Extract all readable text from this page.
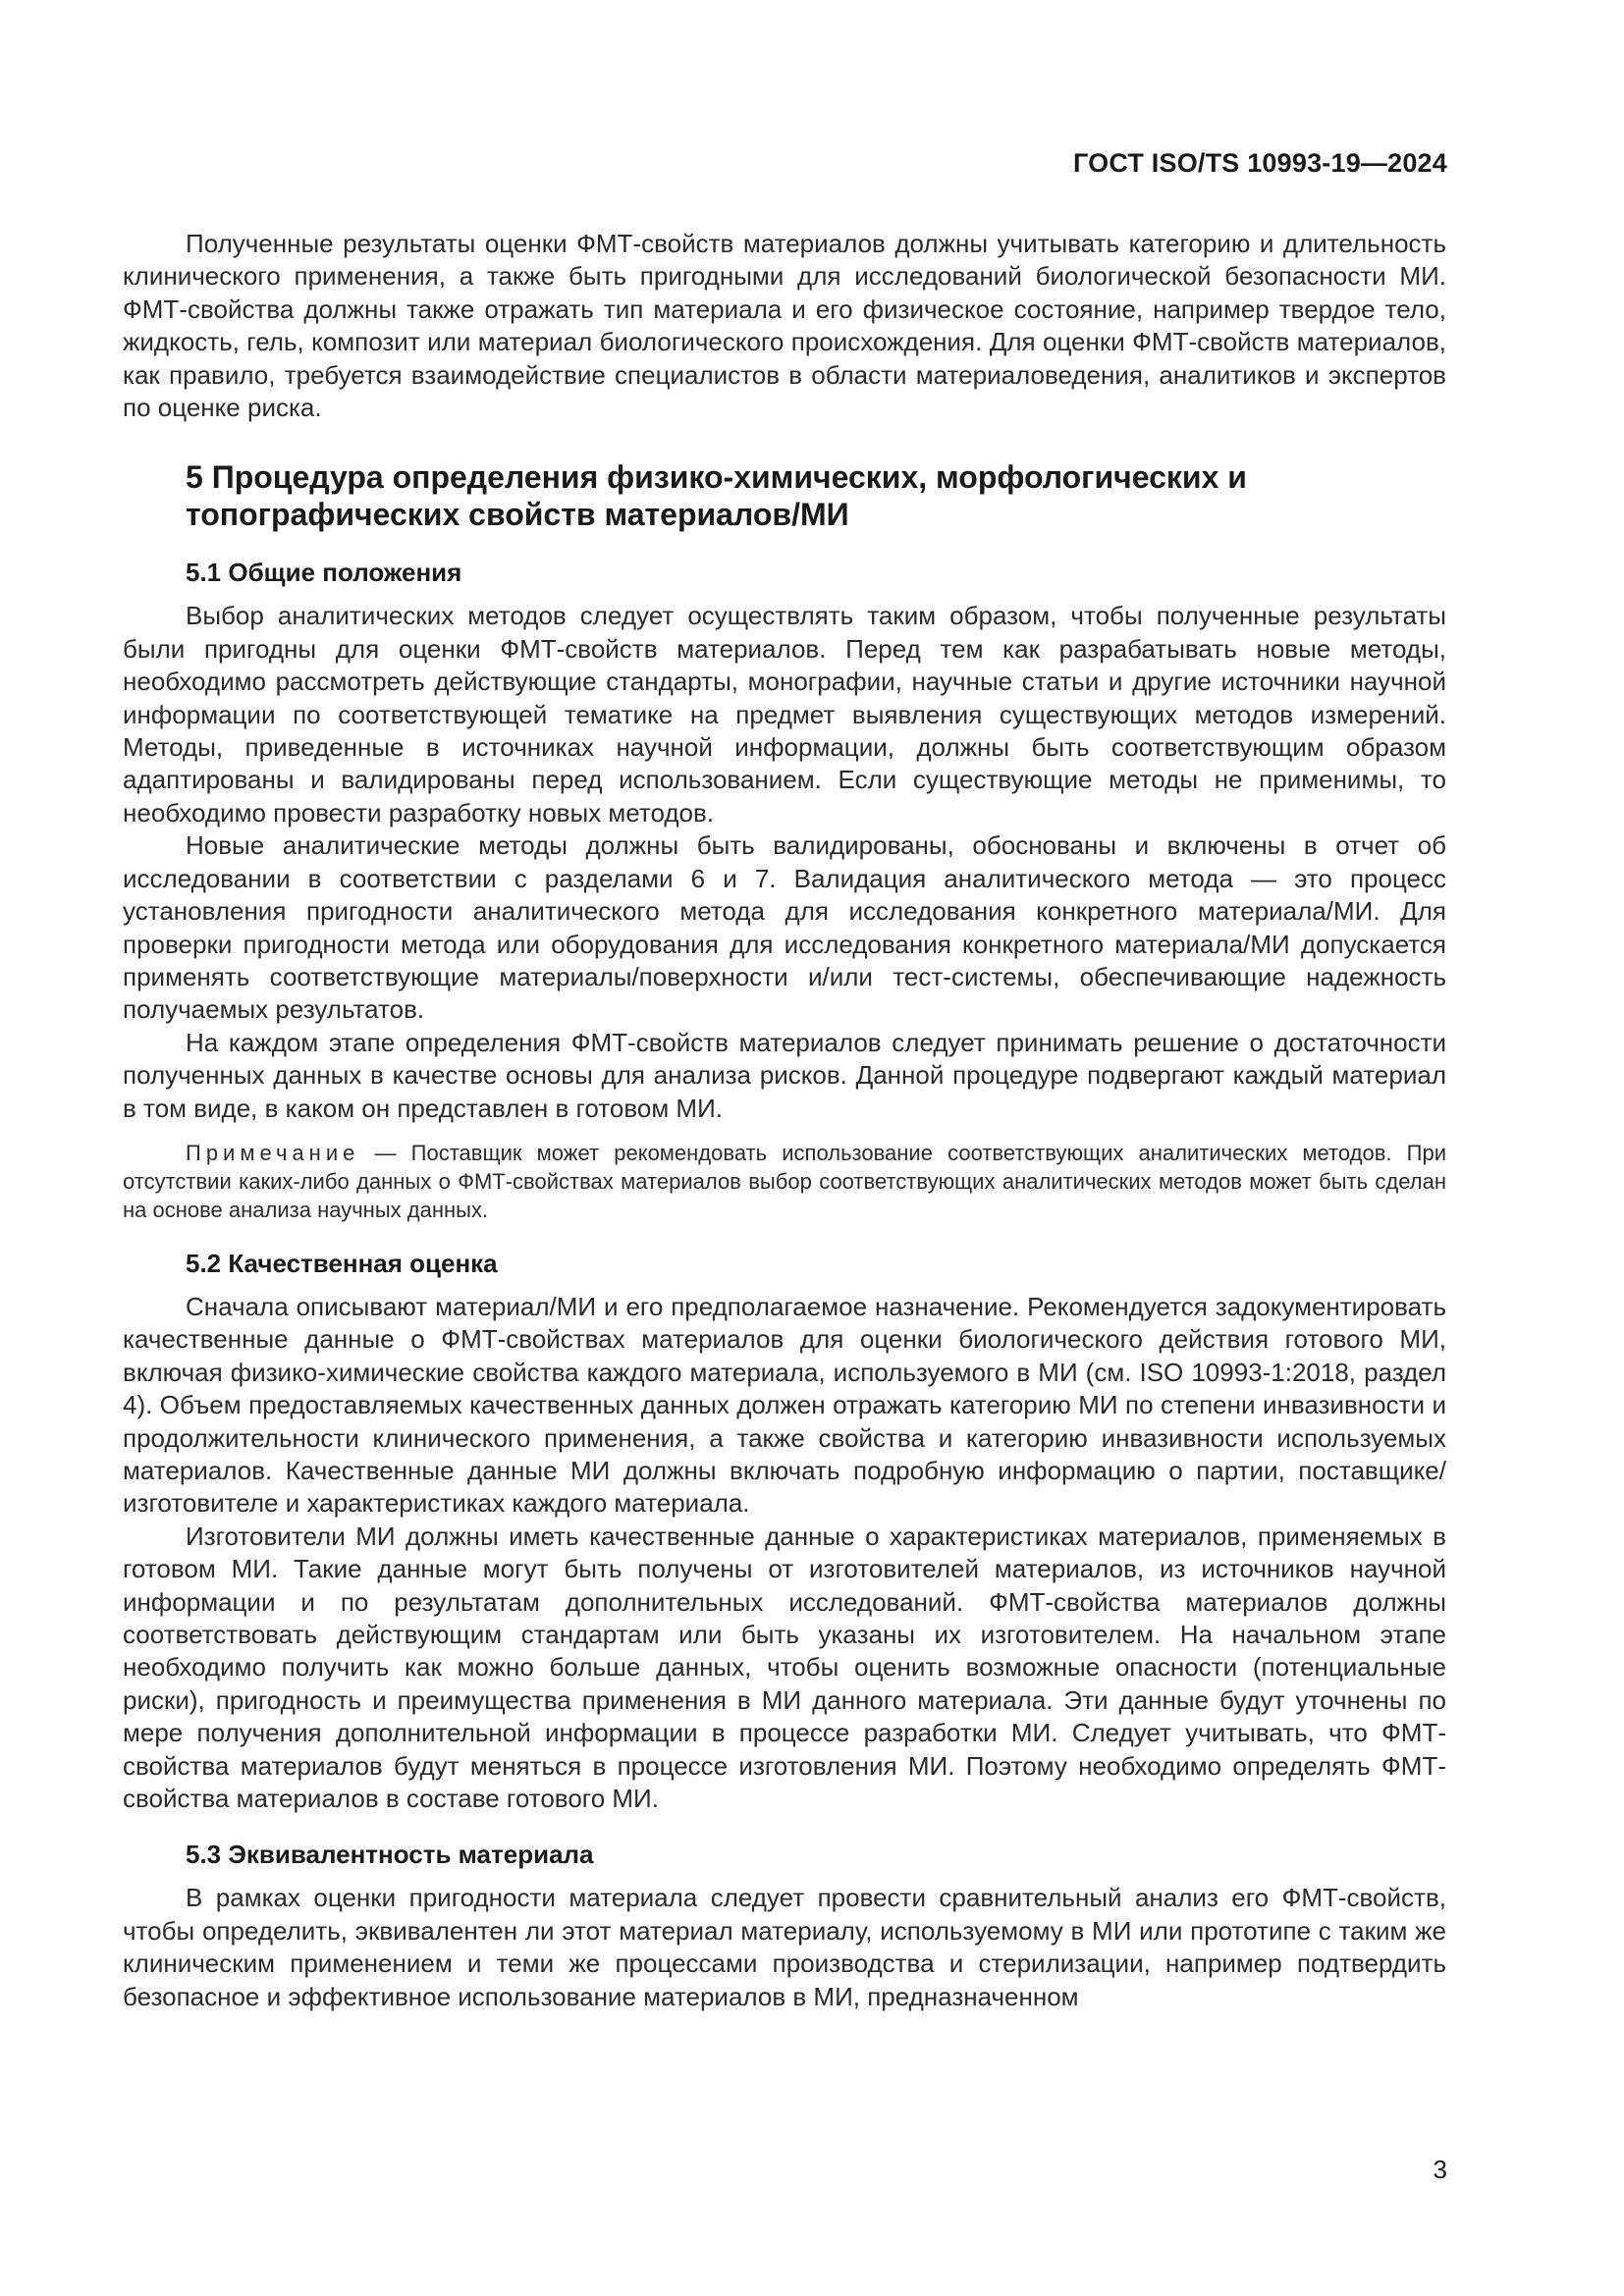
ГОСТ ISO/TS 10993-19—2024

Полученные результаты оценки ФМТ-свойств материалов должны учитывать категорию и длительность клинического применения, а также быть пригодными для исследований биологической безопасности МИ. ФМТ-свойства должны также отражать тип материала и его физическое состояние, например твердое тело, жидкость, гель, композит или материал биологического происхождения. Для оценки ФМТ-свойств материалов, как правило, требуется взаимодействие специалистов в области материаловедения, аналитиков и экспертов по оценке риска.

5 Процедура определения физико-химических, морфологических и топографических свойств материалов/МИ
5.1 Общие положения

Выбор аналитических методов следует осуществлять таким образом, чтобы полученные результаты были пригодны для оценки ФМТ-свойств материалов. Перед тем как разрабатывать новые методы, необходимо рассмотреть действующие стандарты, монографии, научные статьи и другие источники научной информации по соответствующей тематике на предмет выявления существующих методов измерений. Методы, приведенные в источниках научной информации, должны быть соответствующим образом адаптированы и валидированы перед использованием. Если существующие методы не применимы, то необходимо провести разработку новых методов.

Новые аналитические методы должны быть валидированы, обоснованы и включены в отчет об исследовании в соответствии с разделами 6 и 7. Валидация аналитического метода — это процесс установления пригодности аналитического метода для исследования конкретного материала/МИ. Для проверки пригодности метода или оборудования для исследования конкретного материала/МИ допускается применять соответствующие материалы/поверхности и/или тест-системы, обеспечивающие надежность получаемых результатов.

На каждом этапе определения ФМТ-свойств материалов следует принимать решение о достаточности полученных данных в качестве основы для анализа рисков. Данной процедуре подвергают каждый материал в том виде, в каком он представлен в готовом МИ.

Примечание — Поставщик может рекомендовать использование соответствующих аналитических методов. При отсутствии каких-либо данных о ФМТ-свойствах материалов выбор соответствующих аналитических методов может быть сделан на основе анализа научных данных.

5.2 Качественная оценка

Сначала описывают материал/МИ и его предполагаемое назначение. Рекомендуется задокументировать качественные данные о ФМТ-свойствах материалов для оценки биологического действия готового МИ, включая физико-химические свойства каждого материала, используемого в МИ (см. ISO 10993-1:2018, раздел 4). Объем предоставляемых качественных данных должен отражать категорию МИ по степени инвазивности и продолжительности клинического применения, а также свойства и категорию инвазивности используемых материалов. Качественные данные МИ должны включать подробную информацию о партии, поставщике/изготовителе и характеристиках каждого материала.

Изготовители МИ должны иметь качественные данные о характеристиках материалов, применяемых в готовом МИ. Такие данные могут быть получены от изготовителей материалов, из источников научной информации и по результатам дополнительных исследований. ФМТ-свойства материалов должны соответствовать действующим стандартам или быть указаны их изготовителем. На начальном этапе необходимо получить как можно больше данных, чтобы оценить возможные опасности (потенциальные риски), пригодность и преимущества применения в МИ данного материала. Эти данные будут уточнены по мере получения дополнительной информации в процессе разработки МИ. Следует учитывать, что ФМТ-свойства материалов будут меняться в процессе изготовления МИ. Поэтому необходимо определять ФМТ-свойства материалов в составе готового МИ.

5.3 Эквивалентность материала

В рамках оценки пригодности материала следует провести сравнительный анализ его ФМТ-свойств, чтобы определить, эквивалентен ли этот материал материалу, используемому в МИ или прототипе с таким же клиническим применением и теми же процессами производства и стерилизации, например подтвердить безопасное и эффективное использование материалов в МИ, предназначенном

3
